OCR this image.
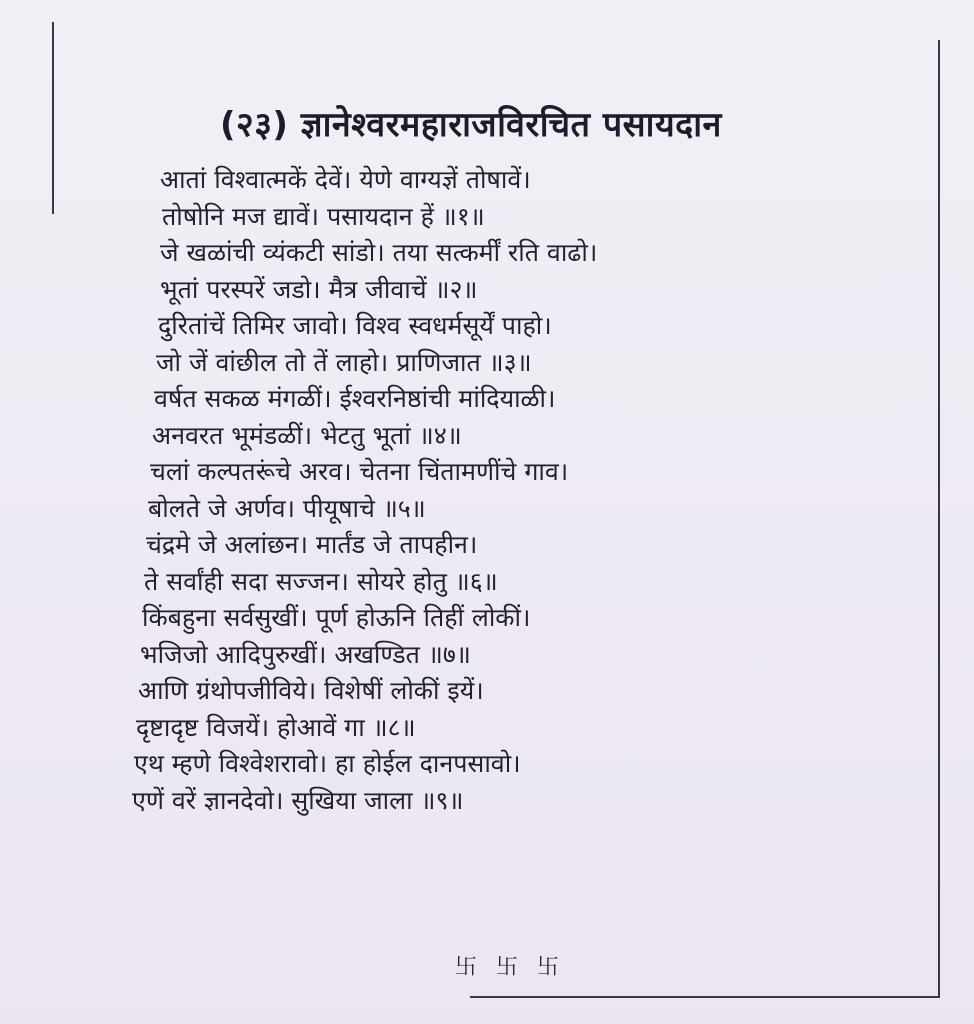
(२३) ज्ञानेश्वरमहाराजविरचित पसायदान
आतां विश्वात्मकें देवें। येणे वाग्यज्ञें तोषावें।
तोषोनि मज द्यावें। पसायदान हें ॥१॥
जे खळांची व्यंकटी सांडो। तया सत्कर्मीं रति वाढो।
भूतां परस्परें जडो। मैत्र जीवाचें ॥२॥
दुरितांचें तिमिर जावो। विश्व स्वधर्मसूर्यें पाहो।
जो जें वांछील तो तें लाहो। प्राणिजात ॥३॥
वर्षत सकळ मंगळीं। ईश्वरनिष्ठांची मांदियाळी।
अनवरत भूमंडळीं। भेटतु भूतां ॥४॥
चलां कल्पतरूंचे अरव। चेतना चिंतामणींचे गाव।
बोलते जे अर्णव। पीयूषाचे ॥५॥
चंद्रमे जे अलांछन। मार्तंड जे तापहीन।
ते सर्वांही सदा सज्जन। सोयरे होतु ॥६॥
किंबहुना सर्वसुखीं। पूर्ण होऊनि तिहीं लोकीं।
भजिजो आदिपुरुखीं। अखण्डित ॥७॥
आणि ग्रंथोपजीविये। विशेषीं लोकीं इयें।
दृष्टादृष्ट विजयें। होआवें गा ॥८॥
एथ म्हणे विश्वेशरावो। हा होईल दानपसावो।
एणें वरें ज्ञानदेवो। सुखिया जाला ॥९॥
卐 卐 卐
